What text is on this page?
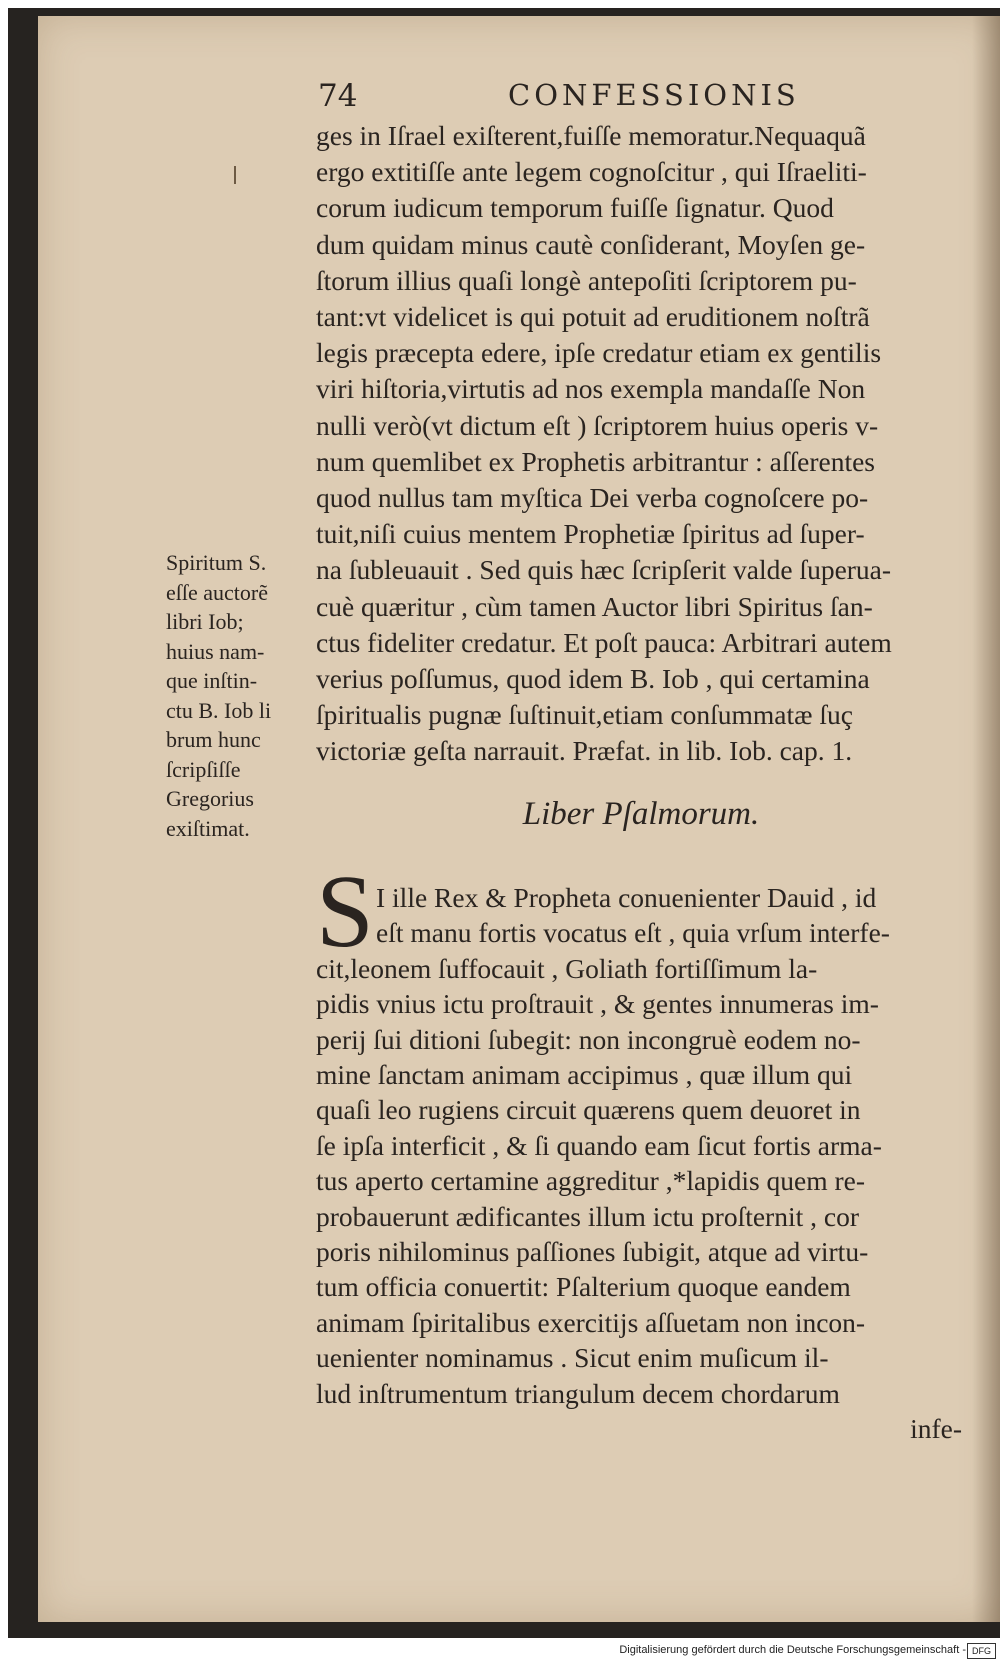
74	CONFESSIONIS
ges in Iſrael exiſterent,fuiſſe memoratur.Nequaquã
ergo extitiſſe ante legem cognoſcitur , qui Iſraeliti-
corum iudicum temporum fuiſſe ſignatur. Quod
dum quidam minus cautè conſiderant, Moyſen ge-
ſtorum illius quaſi longè antepoſiti ſcriptorem pu-
tant:vt videlicet is qui potuit ad eruditionem noſtrã
legis præcepta edere, ipſe credatur etiam ex gentilis
viri hiſtoria,virtutis ad nos exempla mandaſſe Non
nulli verò(vt dictum eſt ) ſcriptorem huius operis v-
num quemlibet ex Prophetis arbitrantur : aſſerentes
quod nullus tam myſtica Dei verba cognoſcere po-
tuit,niſi cuius mentem Prophetiæ ſpiritus ad ſuper-
na ſubleuauit . Sed quis hæc ſcripſerit valde ſuperua-
cuè quæritur , cùm tamen Auctor libri Spiritus ſan-
ctus fideliter credatur. Et poſt pauca: Arbitrari autem
verius poſſumus, quod idem B. Iob , qui certamina
ſpiritualis pugnæ ſuſtinuit,etiam conſummatæ ſuç
victoriæ geſta narrauit. Præfat. in lib. Iob. cap. 1.
Spiritum S.
eſſe auctorẽ
libri Iob;
huius nam-
que inſtin-
ctu B. Iob li
brum hunc
ſcripſiſſe
Gregorius
exiſtimat.	Liber Pſalmorum.
S I ille Rex & Propheta conuenienter Dauid , id
eſt manu fortis vocatus eſt , quia vrſum interfe-
cit,leonem ſuffocauit , Goliath fortiſſimum la-
pidis vnius ictu proſtrauit , & gentes innumeras im-
perij ſui ditioni ſubegit: non incongruè eodem no-
mine ſanctam animam accipimus , quæ illum qui
quaſi leo rugiens circuit quærens quem deuoret in
ſe ipſa interficit , & ſi quando eam ſicut fortis arma-
tus aperto certamine aggreditur ,*lapidis quem re-
probauerunt ædificantes illum ictu proſternit , cor
poris nihilominus paſſiones ſubigit, atque ad virtu-
tum officia conuertit: Pſalterium quoque eandem
animam ſpiritalibus exercitijs aſſuetam non incon-
uenienter nominamus . Sicut enim muſicum il-
lud inſtrumentum triangulum decem chordarum
infe-
Digitalisierung gefördert durch die Deutsche Forschungsgemeinschaft - DFG
